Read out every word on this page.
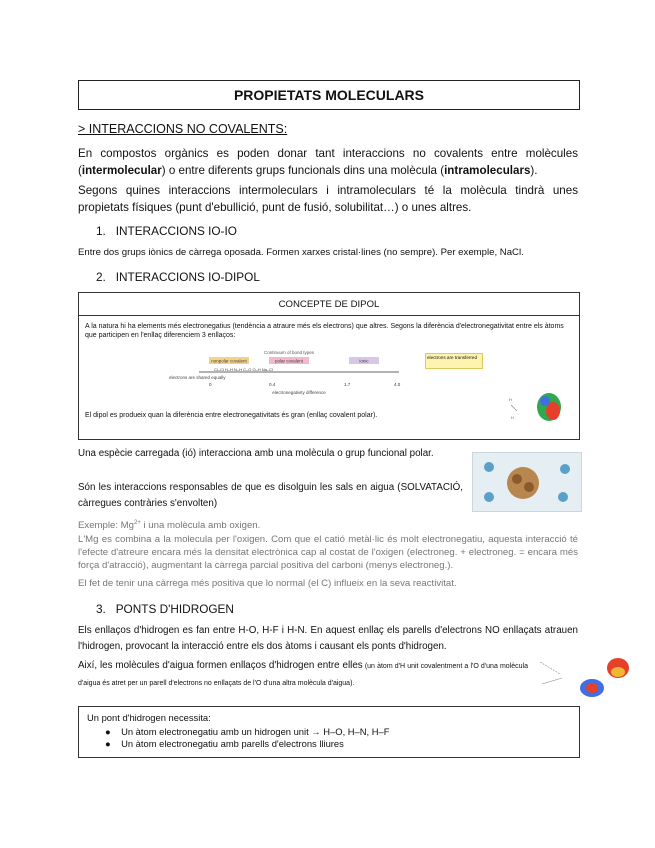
PROPIETATS MOLECULARS
> INTERACCIONS NO COVALENTS:
En compostos orgànics es poden donar tant interaccions no covalents entre molècules (intermolecular) o entre diferents grups funcionals dins una molècula (intramoleculars).
Segons quines interaccions intermoleculars i intramoleculars té la molècula tindrà unes propietats físiques (punt d'ebullició, punt de fusió, solubilitat…) o unes altres.
1. INTERACCIONS IO-IO
Entre dos grups iònics de càrrega oposada. Formen xarxes cristal·lines (no sempre). Per exemple, NaCl.
2. INTERACCIONS IO-DIPOL
CONCEPTE DE DIPOL
A la natura hi ha elements més electronegatius (tendència a atraure més els electrons) que altres. Segons la diferència d'electronegativitat entre els àtoms que participen en l'enllaç diferenciem 3 enllaços:
Continuum of bond types
nonpolar covalent	polar covalent	ionic
Cl–Cl H–H N–H C–O O–H Na–Cl
electrons are shared equally
0	0.4	1.7	4.0
electronegativity difference
electrons are transferred
El dipol es produeix quan la diferència entre electronegativitats és gran (enllaç covalent polar).
H
H
Una espècie carregada (ió) interacciona amb una molècula o grup funcional polar.
Són les interaccions responsables de que es disolguin les sals en aigua (SOLVATACIÓ, càrregues contràries s'envolten)
Exemple: $Mg^{2+}$ i una molècula amb oxigen.
L'Mg es combina a la molecula per l'oxigen. Com que el catió metàl·lic és molt electronegatiu, aquesta interacció té l'efecte d'atreure encara més la densitat electrònica cap al costat de l'oxigen (electroneg. + electroneg. = encara més força d'atracció), augmentant la càrrega parcial positiva del carboni (menys electroneg.).
El fet de tenir una càrrega més positiva que lo normal (el C) influeix en la seva reactivitat.
3. PONTS D'HIDROGEN
Els enllaços d'hidrogen es fan entre H-O, H-F i H-N. En aquest enllaç els parells d'electrons NO enllaçats atrauen l'hidrogen, provocant la interacció entre els dos àtoms i causant els ponts d'hidrogen.
Així, les molècules d'aigua formen enllaços d'hidrogen entre elles (un àtom d'H unit covalentment a l'O d'una molècula d'aigua és atret per un parell d'electrons no enllaçats de l'O d'una altra molècula d'aigua).
Un pont d'hidrogen necessita:
●    Un àtom electronegatiu amb un hidrogen unit → H–O, H–N, H–F
●    Un àtom electronegatiu amb parells d'electrons lliures
